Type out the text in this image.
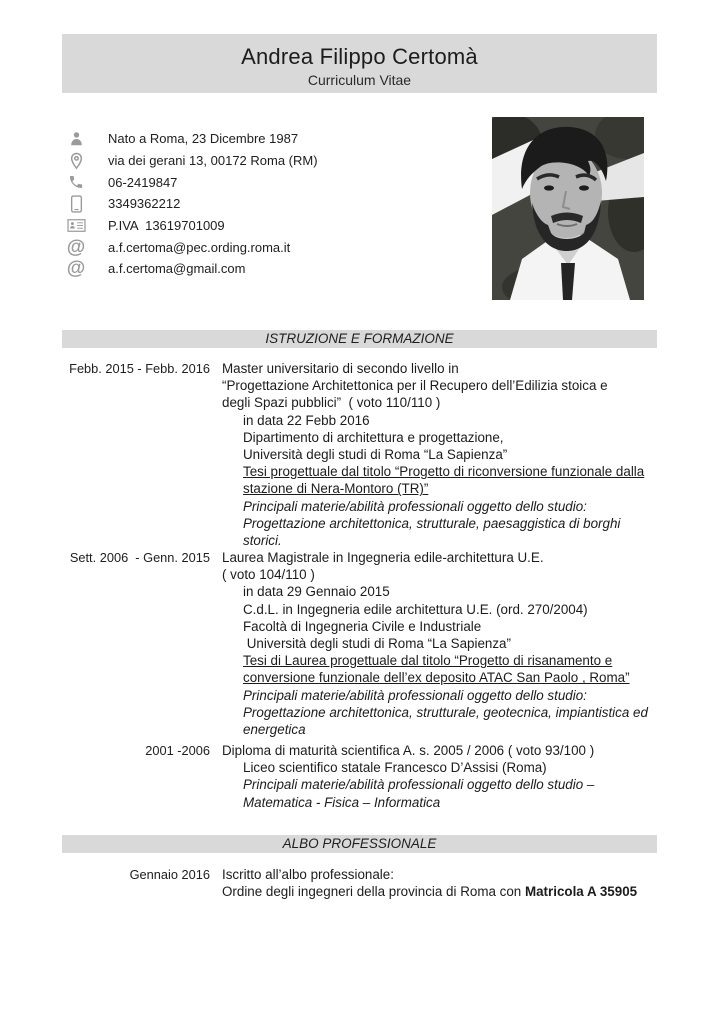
Andrea Filippo Certomà
Curriculum Vitae
Nato a Roma, 23 Dicembre 1987
via dei gerani 13, 00172 Roma (RM)
06-2419847
3349362212
P.IVA  13619701009
@ a.f.certoma@pec.ording.roma.it
@ a.f.certoma@gmail.com
ISTRUZIONE E FORMAZIONE
Febb. 2015 - Febb. 2016 Master universitario di secondo livello in
“Progettazione Architettonica per il Recupero dell’Edilizia stoica e
degli Spazi pubblici”  ( voto 110/110 )
in data 22 Febb 2016
Dipartimento di architettura e progettazione,
Università degli studi di Roma “La Sapienza”
Tesi progettuale dal titolo “Progetto di riconversione funzionale dalla
stazione di Nera-Montoro (TR)”
Principali materie/abilità professionali oggetto dello studio:
Progettazione architettonica, strutturale, paesaggistica di borghi
storici.
Sett. 2006  - Genn. 2015 Laurea Magistrale in Ingegneria edile-architettura U.E.
( voto 104/110 )
in data 29 Gennaio 2015
C.d.L. in Ingegneria edile architettura U.E. (ord. 270/2004)
Facoltà di Ingegneria Civile e Industriale
Università degli studi di Roma “La Sapienza”
Tesi di Laurea progettuale dal titolo “Progetto di risanamento e
conversione funzionale dell’ex deposito ATAC San Paolo , Roma”
Principali materie/abilità professionali oggetto dello studio:
Progettazione architettonica, strutturale, geotecnica, impiantistica ed
energetica
2001 -2006 Diploma di maturità scientifica A. s. 2005 / 2006 ( voto 93/100 )
Liceo scientifico statale Francesco D’Assisi (Roma)
Principali materie/abilità professionali oggetto dello studio –
Matematica - Fisica – Informatica
ALBO PROFESSIONALE
Gennaio 2016 Iscritto all’albo professionale:
Ordine degli ingegneri della provincia di Roma con Matricola A 35905
